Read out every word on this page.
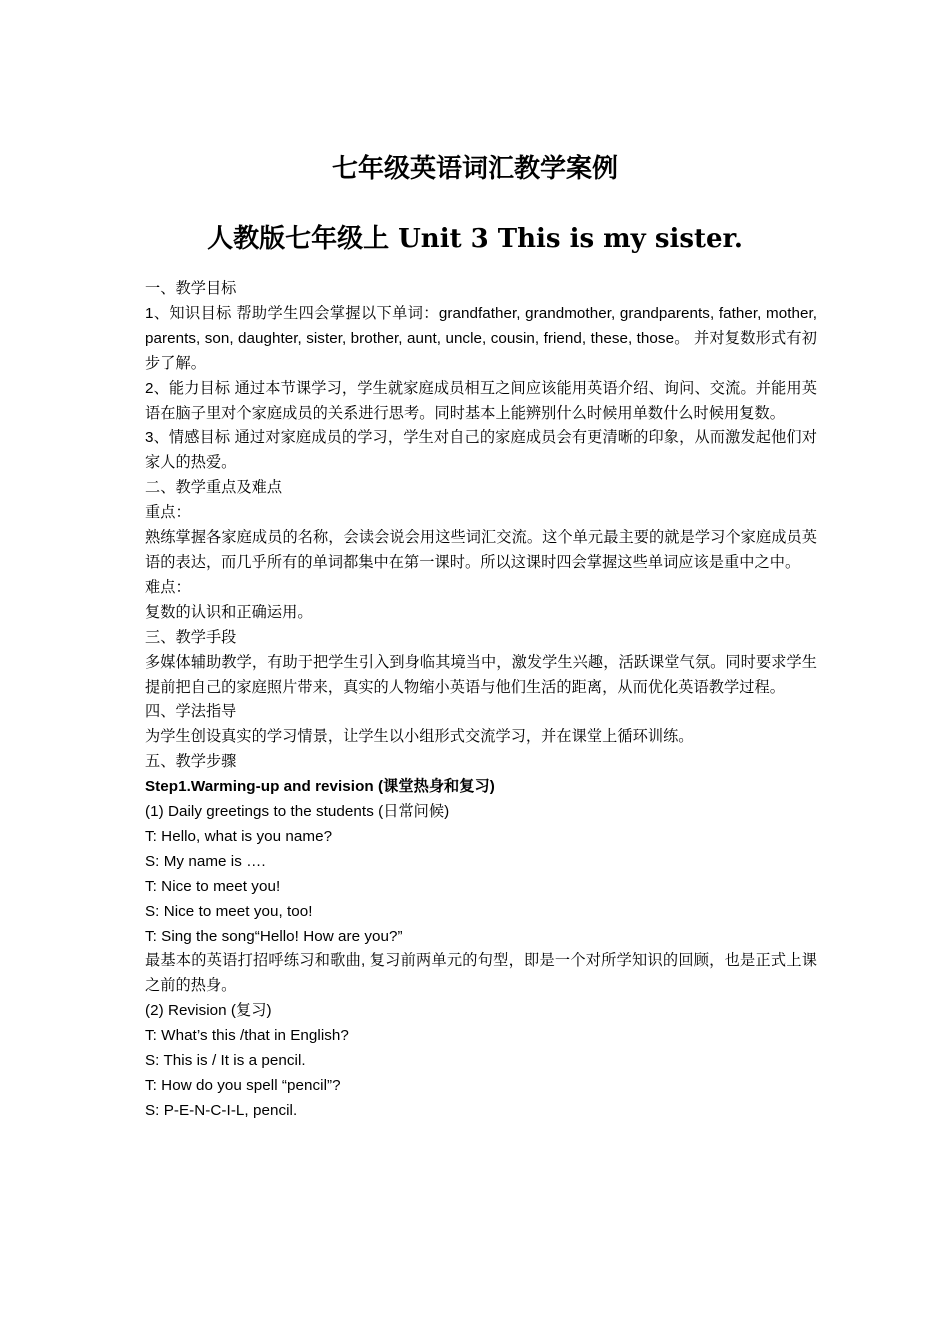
七年级英语词汇教学案例
人教版七年级上 Unit 3 This is my sister.

一、教学目标

1、知识目标 帮助学生四会掌握以下单词：grandfather, grandmother, grandparents, father, mother, parents, son, daughter, sister, brother, aunt, uncle, cousin, friend, these, those。 并对复数形式有初步了解。

2、能力目标 通过本节课学习，学生就家庭成员相互之间应该能用英语介绍、询问、交流。并能用英语在脑子里对个家庭成员的关系进行思考。同时基本上能辨别什么时候用单数什么时候用复数。

3、情感目标 通过对家庭成员的学习，学生对自己的家庭成员会有更清晰的印象，从而激发起他们对家人的热爱。

二、教学重点及难点

重点：

熟练掌握各家庭成员的名称，会读会说会用这些词汇交流。这个单元最主要的就是学习个家庭成员英语的表达，而几乎所有的单词都集中在第一课时。所以这课时四会掌握这些单词应该是重中之中。

难点：

复数的认识和正确运用。

三、教学手段

多媒体辅助教学，有助于把学生引入到身临其境当中，激发学生兴趣，活跃课堂气氛。同时要求学生提前把自己的家庭照片带来，真实的人物缩小英语与他们生活的距离，从而优化英语教学过程。

四、学法指导

为学生创设真实的学习情景，让学生以小组形式交流学习，并在课堂上循环训练。

五、教学步骤

Step1.Warming-up and revision (课堂热身和复习)

(1) Daily greetings to the students (日常问候)

T: Hello, what is you name?

S: My name is ….

T: Nice to meet you!

S: Nice to meet you, too!

T: Sing the song“Hello! How are you?”

最基本的英语打招呼练习和歌曲, 复习前两单元的句型，即是一个对所学知识的回顾，也是正式上课之前的热身。

(2) Revision (复习)

T: What’s this /that in English?

S: This is / It is a pencil.

T: How do you spell “pencil”?

S: P-E-N-C-I-L, pencil.
